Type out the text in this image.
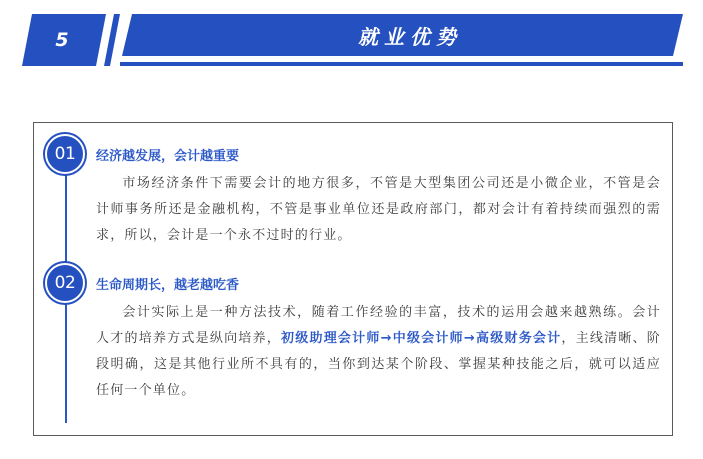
5	就业优势
01	经济越发展，会计越重要
市场经济条件下需要会计的地方很多，不管是大型集团公司还是小微企业，不管是会计师事务所还是金融机构，不管是事业单位还是政府部门，都对会计有着持续而强烈的需求，所以，会计是一个永不过时的行业。
02	生命周期长，越老越吃香
会计实际上是一种方法技术，随着工作经验的丰富，技术的运用会越来越熟练。会计人才的培养方式是纵向培养，初级助理会计师→中级会计师→高级财务会计，主线清晰、阶段明确，这是其他行业所不具有的，当你到达某个阶段、掌握某种技能之后，就可以适应任何一个单位。
